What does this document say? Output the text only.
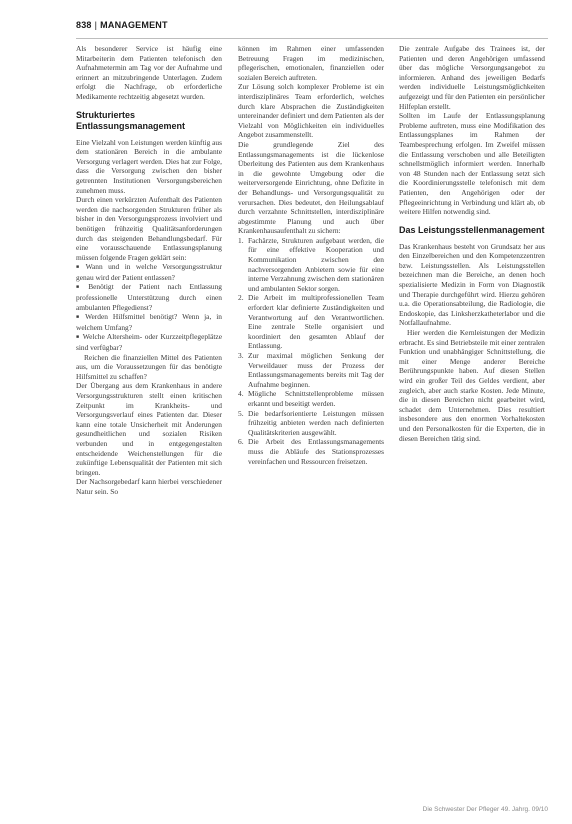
838 | MANAGEMENT

Als besonderer Service ist häufig eine Mitarbeiterin dem Patienten telefonisch den Aufnahmetermin am Tag vor der Aufnahme und erinnert an mitzubringende Unterlagen. Zudem erfolgt die Nachfrage, ob erforderliche Medikamente rechtzeitig abgesetzt wurden.

Strukturiertes Entlassungsmanagement

Eine Vielzahl von Leistungen werden künftig aus dem stationären Bereich in die ambulante Versorgung verlagert werden. Dies hat zur Folge, dass die Versorgung zwischen den bisher getrennten Institutionen Versorgungsbereichen zunehmen muss.

Durch einen verkürzten Aufenthalt des Patienten werden die nachsorgenden Strukturen früher als bisher in den Versorgungsprozess involviert und benötigen frühzeitig Qualitätsanforderungen durch das steigenden Behandlungsbedarf. Für eine vorausschauende Entlassungsplanung müssen folgende Fragen geklärt sein:

■ Wann und in welche Versorgungsstruktur genau wird der Patient entlassen?

■ Benötigt der Patient nach Entlassung professionelle Unterstützung durch einen ambulanten Pflegedienst?

■ Werden Hilfsmittel benötigt? Wenn ja, in welchem Umfang?

■ Welche Altersheim- oder Kurzzeitpflegeplätze sind verfügbar?

Reichen die finanziellen Mittel des Patienten aus, um die Voraussetzungen für das benötigte Hilfsmittel zu schaffen?

Der Übergang aus dem Krankenhaus in andere Versorgungsstrukturen stellt einen kritischen Zeitpunkt im Krankheits- und Versorgungsverlauf eines Patienten dar. Dieser kann eine totale Unsicherheit mit Änderungen gesundheitlichen und sozialen Risiken verbunden und in entgegengestalten entscheidende Weichenstellungen für die zukünftige Lebensqualität der Patienten mit sich bringen.

Der Nachsorgebedarf kann hierbei verschiedener Natur sein. So

können im Rahmen einer umfassenden Betreuung Fragen im medizinischen, pflegerischen, emotionalen, finanziellen oder sozialen Bereich auftreten.

Zur Lösung solch komplexer Probleme ist ein interdisziplinäres Team erforderlich, welches durch klare Absprachen die Zuständigkeiten untereinander definiert und dem Patienten als der Vielzahl von Möglichkeiten ein individuelles Angebot zusammenstellt.

Die grundlegende Ziel des Entlassungsmanagements ist die lückenlose Überleitung des Patienten aus dem Krankenhaus in die gewohnte Umgebung oder die weiterversorgende Einrichtung, ohne Defizite in der Behandlungs- und Versorgungsqualität zu verursachen. Dies bedeutet, den Heilungsablauf durch verzahnte Schnittstellen, interdisziplinäre abgestimmte Planung und auch über Krankenhausaufenthalt zu sichern:

1. Fachärzte, Strukturen aufgebaut werden, die für eine effektive Kooperation und Kommunikation zwischen den nachversorgenden Anbietern sowie für eine interne Verzahnung zwischen dem stationären und ambulanten Sektor sorgen.
2. Die Arbeit im multiprofessionellen Team erfordert klar definierte Zuständigkeiten und Verantwortung auf den Verantwortlichen. Eine zentrale Stelle organisiert und koordiniert den gesamten Ablauf der Entlassung.
3. Zur maximal möglichen Senkung der Verweildauer muss der Prozess der Entlassungsmanagements bereits mit Tag der Aufnahme beginnen.
4. Mögliche Schnittstellenprobleme müssen erkannt und beseitigt werden.
5. Die bedarfsorientierte Leistungen müssen frühzeitig anbieten werden nach definierten Qualitätskriterien ausgewählt.
6. Die Arbeit des Entlassungsmanagements muss die Abläufe des Stationsprozesses vereinfachen und Ressourcen freisetzen.

Die zentrale Aufgabe des Trainees ist, der Patienten und deren Angehörigen umfassend über das mögliche Versorgungsangebot zu informieren. Anhand des jeweiligen Bedarfs werden individuelle Leistungsmöglichkeiten aufgezeigt und für den Patienten ein persönlicher Hilfeplan erstellt.

Sollten im Laufe der Entlassungsplanung Probleme auftreten, muss eine Modifikation des Entlassungsplanes im Rahmen der Teambesprechung erfolgen. Im Zweifel müssen die Entlassung verschoben und alle Beteiligten schnellstmöglich informiert werden. Innerhalb von 48 Stunden nach der Entlassung setzt sich die Koordinierungsstelle telefonisch mit dem Patienten, den Angehörigen oder der Pflegeeinrichtung in Verbindung und klärt ab, ob weitere Hilfen notwendig sind.

Das Leistungsstellenmanagement

Das Krankenhaus besteht von Grundsatz her aus den Einzelbereichen und den Kompetenzzentren bzw. Leistungsstellen. Als Leistungsstellen bezeichnen man die Bereiche, an denen hoch spezialisierte Medizin in Form von Diagnostik und Therapie durchgeführt wird. Hierzu gehören u.a. die Operationsabteilung, die Radiologie, die Endoskopie, das Linksherzkatheterlabor und die Notfallaufnahme.

Hier werden die Kernleistungen der Medizin erbracht. Es sind Betriebsteile mit einer zentralen Funktion und unabhängiger Schnittstellung, die mit einer Menge anderer Bereiche Berührungspunkte haben. Auf diesen Stellen wird ein großer Teil des Geldes verdient, aber zugleich, aber auch starke Kosten. Jede Minute, die in diesen Bereichen nicht gearbeitet wird, schadet dem Unternehmen. Dies resultiert insbesondere aus den enormen Vorhaltekosten und den Personalkosten für die Experten, die in diesen Bereichen tätig sind.

Die Schwester Der Pfleger 49. Jahrg. 09/10
